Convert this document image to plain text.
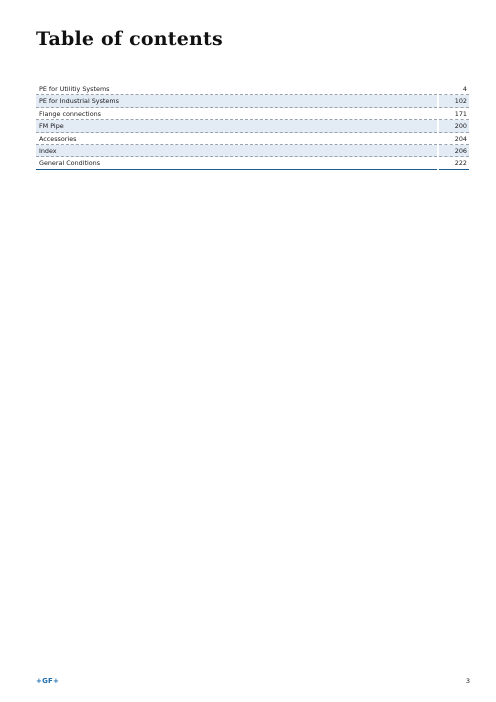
Table of contents
PE for Utilitiy Systems	4
PE for Industrial Systems	102
Flange connections	171
FM Pipe	200
Accessories	204
Index	206
General Conditions	222
+GF+	3
